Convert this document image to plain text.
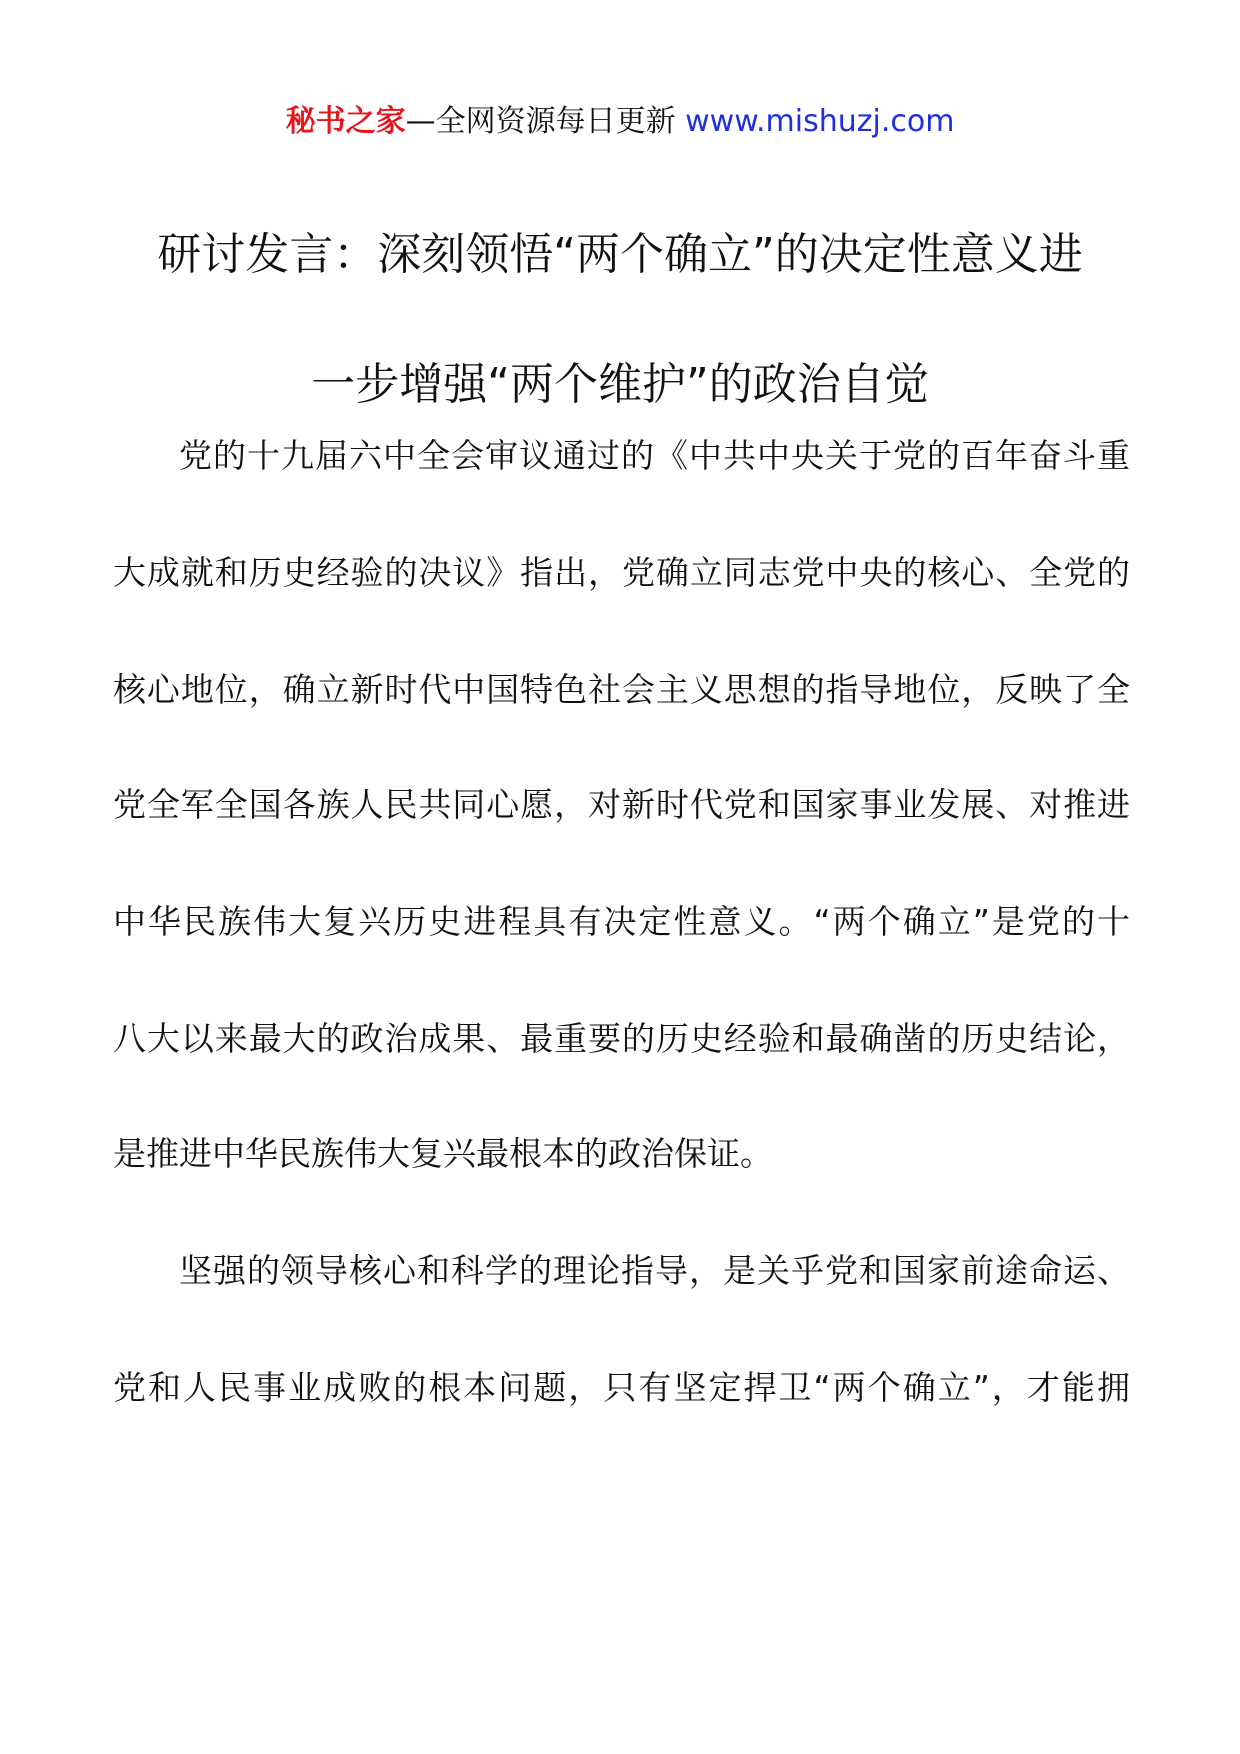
秘书之家—全网资源每日更新 www.mishuzj.com
研讨发言：深刻领悟“两个确立”的决定性意义进
一步增强“两个维护”的政治自觉
党的十九届六中全会审议通过的《中共中央关于党的百年奋斗重
大成就和历史经验的决议》指出，党确立同志党中央的核心、全党的
核心地位，确立新时代中国特色社会主义思想的指导地位，反映了全
党全军全国各族人民共同心愿，对新时代党和国家事业发展、对推进
中华民族伟大复兴历史进程具有决定性意义。“两个确立”是党的十
八大以来最大的政治成果、最重要的历史经验和最确凿的历史结论，
是推进中华民族伟大复兴最根本的政治保证。
坚强的领导核心和科学的理论指导，是关乎党和国家前途命运、
党和人民事业成败的根本问题，只有坚定捍卫“两个确立”，才能拥
